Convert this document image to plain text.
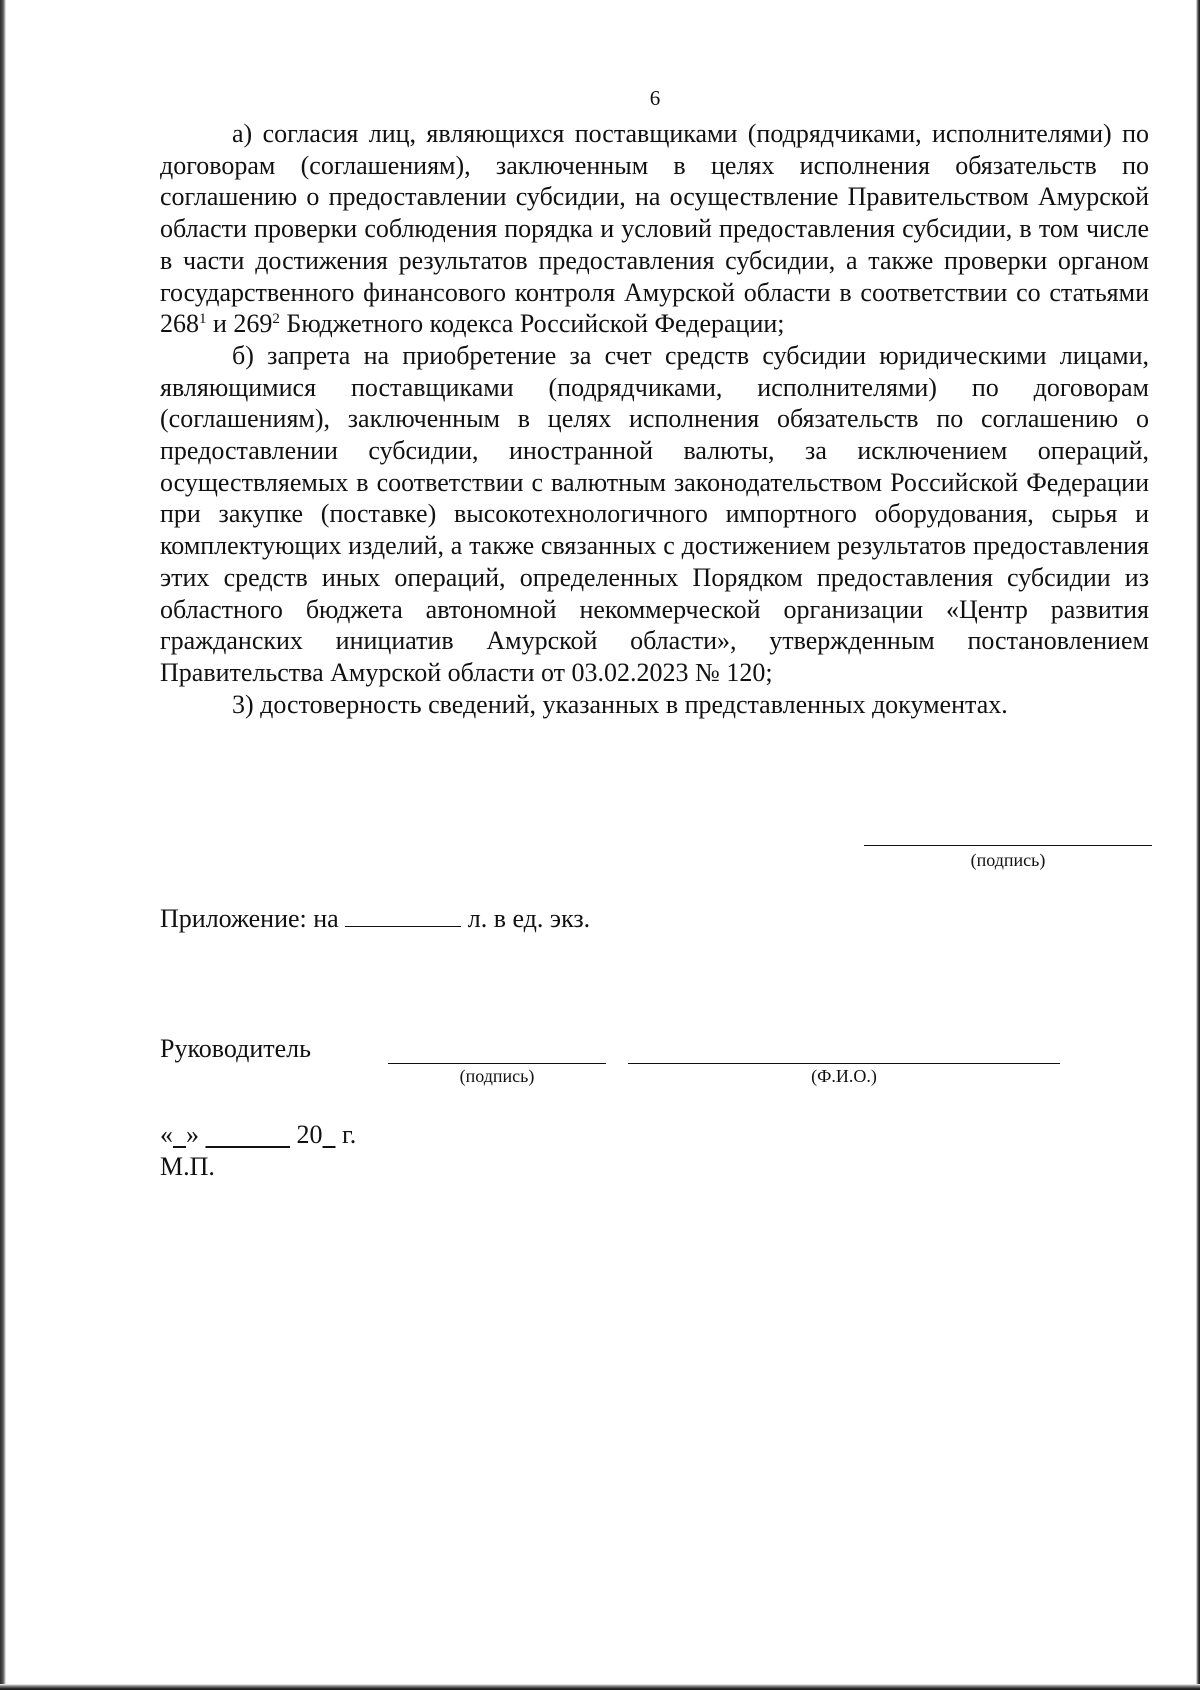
6

а) согласия лиц, являющихся поставщиками (подрядчиками, исполнителями) по договорам (соглашениям), заключенным в целях исполнения обязательств по соглашению о предоставлении субсидии, на осуществление Правительством Амурской области проверки соблюдения порядка и условий предоставления субсидии, в том числе в части достижения результатов предоставления субсидии, а также проверки органом государственного финансового контроля Амурской области в соответствии со статьями $268^1$ и $269^2$ Бюджетного кодекса Российской Федерации;

б) запрета на приобретение за счет средств субсидии юридическими лицами, являющимися поставщиками (подрядчиками, исполнителями) по договорам (соглашениям), заключенным в целях исполнения обязательств по соглашению о предоставлении субсидии, иностранной валюты, за исключением операций, осуществляемых в соответствии с валютным законодательством Российской Федерации при закупке (поставке) высокотехнологичного импортного оборудования, сырья и комплектующих изделий, а также связанных с достижением результатов предоставления этих средств иных операций, определенных Порядком предоставления субсидии из областного бюджета автономной некоммерческой организации «Центр развития гражданских инициатив Амурской области», утвержденным постановлением Правительства Амурской области от 03.02.2023 № 120;

3) достоверность сведений, указанных в представленных документах.

(подпись)
Приложение: на	л. в ед. экз.
Руководитель
(подпись)	(Ф.И.О.)
« »	20   г.
М.П.
